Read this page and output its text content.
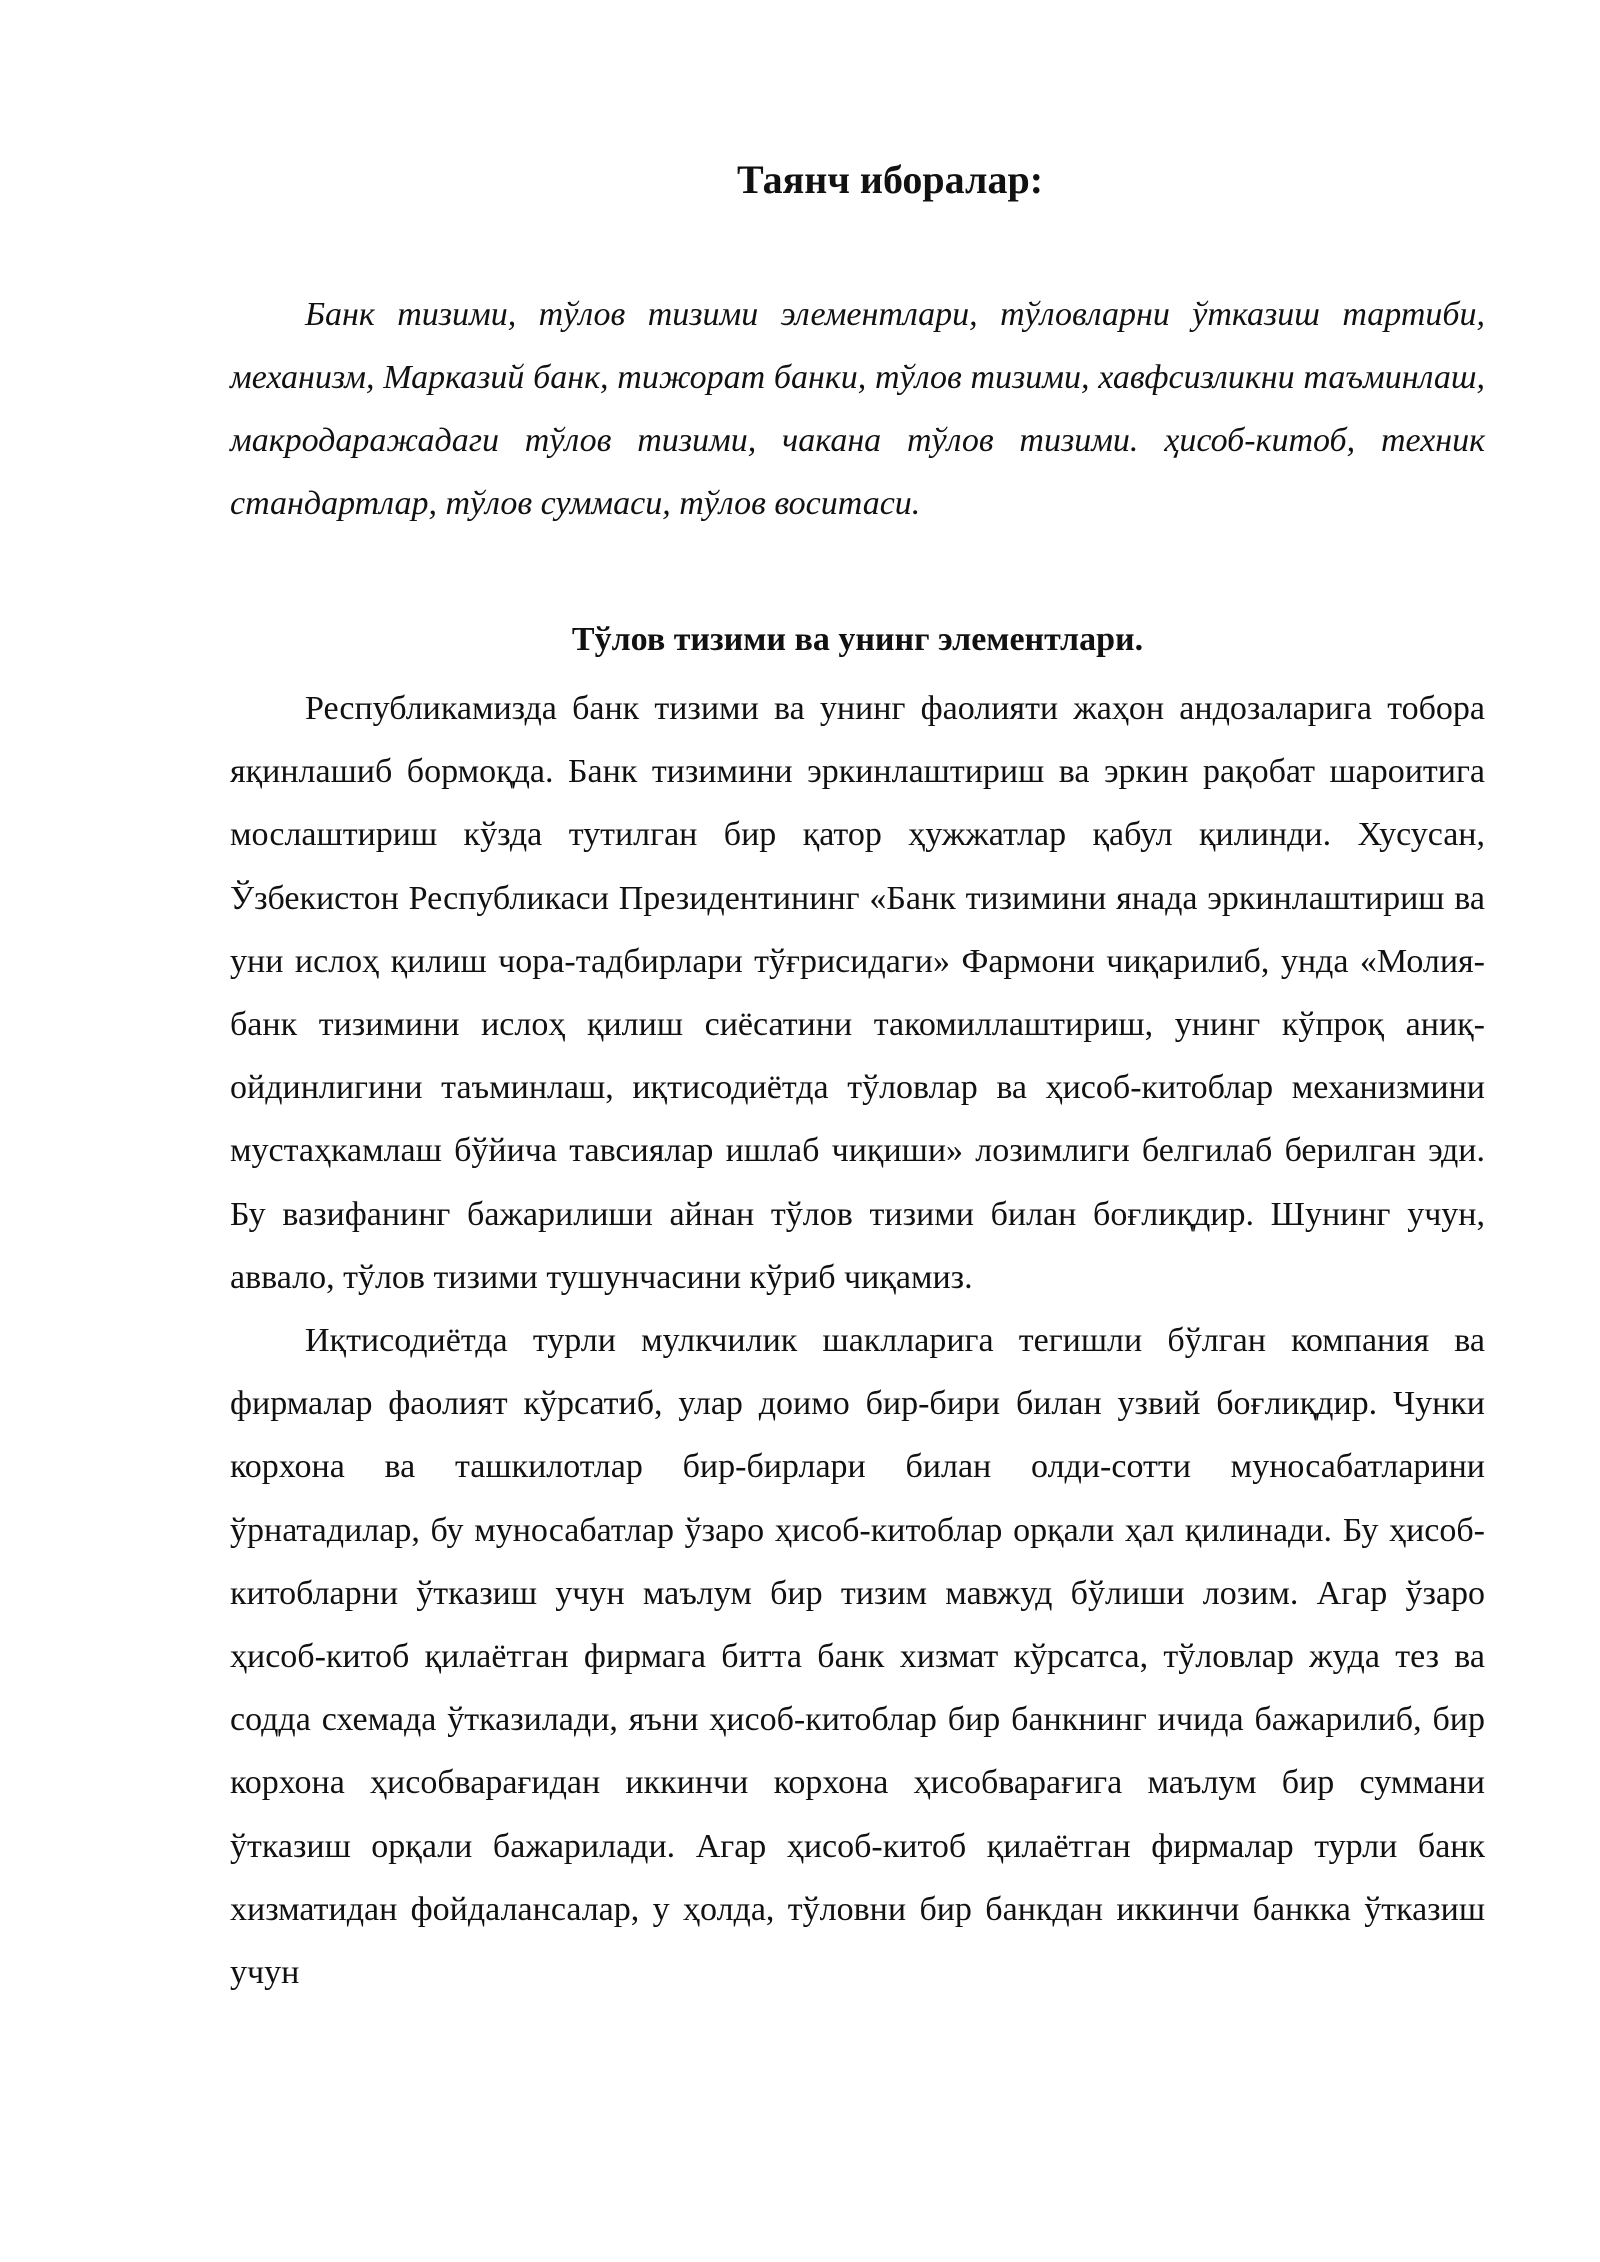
Таянч иборалар:
Банк тизими, тўлов тизими элементлари, тўловларни ўтказиш тартиби, механизм, Марказий банк, тижорат банки, тўлов тизими, хавфсизликни таъминлаш, макродаражадаги тўлов тизими, чакана тўлов тизими. ҳисоб-китоб, техник стандартлар, тўлов суммаси, тўлов воситаси.
Тўлов тизими ва унинг элементлари.

Республикамизда банк тизими ва унинг фаолияти жаҳон андозаларига тобора яқинлашиб бормоқда. Банк тизимини эркинлаштириш ва эркин рақобат шароитига мослаштириш кўзда тутилган бир қатор ҳужжатлар қабул қилинди. Хусусан, Ўзбекистон Республикаси Президентининг «Банк тизимини янада эркинлаштириш ва уни ислоҳ қилиш чора-тадбирлари тўғрисидаги» Фармони чиқарилиб, унда «Молия-банк тизимини ислоҳ қилиш сиёсатини такомиллаштириш, унинг кўпроқ аниқ-ойдинлигини таъминлаш, иқтисодиётда тўловлар ва ҳисоб-китоблар механизмини мустаҳкамлаш бўйича тавсиялар ишлаб чиқиши» лозимлиги белгилаб берилган эди. Бу вазифанинг бажарилиши айнан тўлов тизими билан боғлиқдир. Шунинг учун, аввало, тўлов тизими тушунчасини кўриб чиқамиз.

Иқтисодиётда турли мулкчилик шаклларига тегишли бўлган компания ва фирмалар фаолият кўрсатиб, улар доимо бир-бири билан узвий боғлиқдир. Чунки корхона ва ташкилотлар бир-бирлари билан олди-сотти муносабатларини ўрнатадилар, бу муносабатлар ўзаро ҳисоб-китоблар орқали ҳал қилинади. Бу ҳисоб-китобларни ўтказиш учун маълум бир тизим мавжуд бўлиши лозим. Агар ўзаро ҳисоб-китоб қилаётган фирмага битта банк хизмат кўрсатса, тўловлар жуда тез ва содда схемада ўтказилади, яъни ҳисоб-китоблар бир банкнинг ичида бажарилиб, бир корхона ҳисобварағидан иккинчи корхона ҳисобварағига маълум бир суммани ўтказиш орқали бажарилади. Агар ҳисоб-китоб қилаётган фирмалар турли банк хизматидан фойдалансалар, у ҳолда, тўловни бир банкдан иккинчи банкка ўтказиш учун
